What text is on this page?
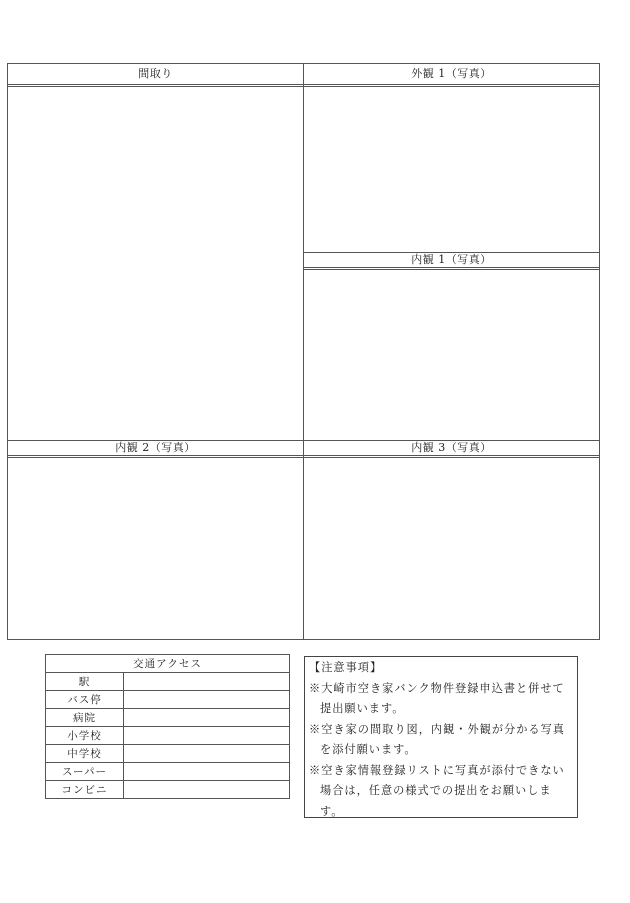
間取り	外観 1（写真）
内観 1（写真）
内観 2（写真）	内観 3（写真）
交通アクセス	
駅	
バス停	
病院	
小学校	
中学校	
スーパー	
コンビニ	

【注意事項】

※大崎市空き家バンク物件登録申込書と併せて提出願います。

※空き家の間取り図，内観・外観が分かる写真を添付願います。

※空き家情報登録リストに写真が添付できない場合は，任意の様式での提出をお願いします。
